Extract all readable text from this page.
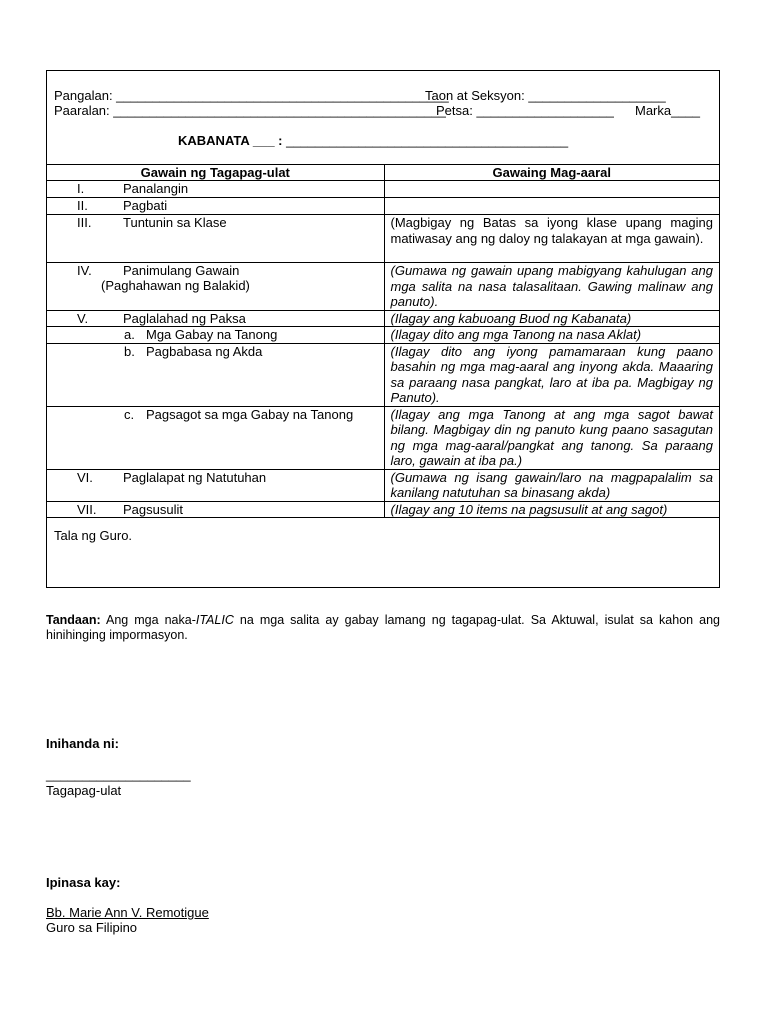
Pangalan: ______________________________________________
Taon at Seksyon: ___________________
Paaralan: ______________________________________________
Petsa: ___________________ Marka____
KABANATA ___ : _______________________________________
Gawain ng Tagapag-ulat	Gawaing Mag-aaral

I. Panalangin	

II. Pagbati	

III. Tuntunin sa Klase	(Magbigay ng Batas sa iyong klase upang maging matiwasay ang ng daloy ng talakayan at mga gawain).

IV. Panimulang Gawain
(Paghahawan ng Balakid)	(Gumawa ng gawain upang mabigyang kahulugan ang mga salita na nasa talasalitaan. Gawing malinaw ang panuto).

V. Paglalahad ng Paksa	(Ilagay ang kabuoang Buod ng Kabanata)

a. Mga Gabay na Tanong	(Ilagay dito ang mga Tanong na nasa Aklat)

b. Pagbabasa ng Akda	(Ilagay dito ang iyong pamamaraan kung paano basahin ng mga mag-aaral ang inyong akda. Maaaring sa paraang nasa pangkat, laro at iba pa. Magbigay ng Panuto).

c. Pagsagot sa mga Gabay na Tanong	(Ilagay ang mga Tanong at ang mga sagot bawat bilang. Magbigay din ng panuto kung paano sasagutan ng mga mag-aaral/pangkat ang tanong. Sa paraang laro, gawain at iba pa.)

VI. Paglalapat ng Natutuhan	(Gumawa ng isang gawain/laro na magpapalalim sa kanilang natutuhan sa binasang akda)

VII. Pagsusulit	(Ilagay ang 10 items na pagsusulit at ang sagot)
Tala ng Guro.
Tandaan: Ang mga naka-ITALIC na mga salita ay gabay lamang ng tagapag-ulat. Sa Aktuwal, isulat sa kahon ang hinihinging impormasyon.
Inihanda ni:
____________________
Tagapag-ulat
Ipinasa kay:
Bb. Marie Ann V. Remotigue
Guro sa Filipino
